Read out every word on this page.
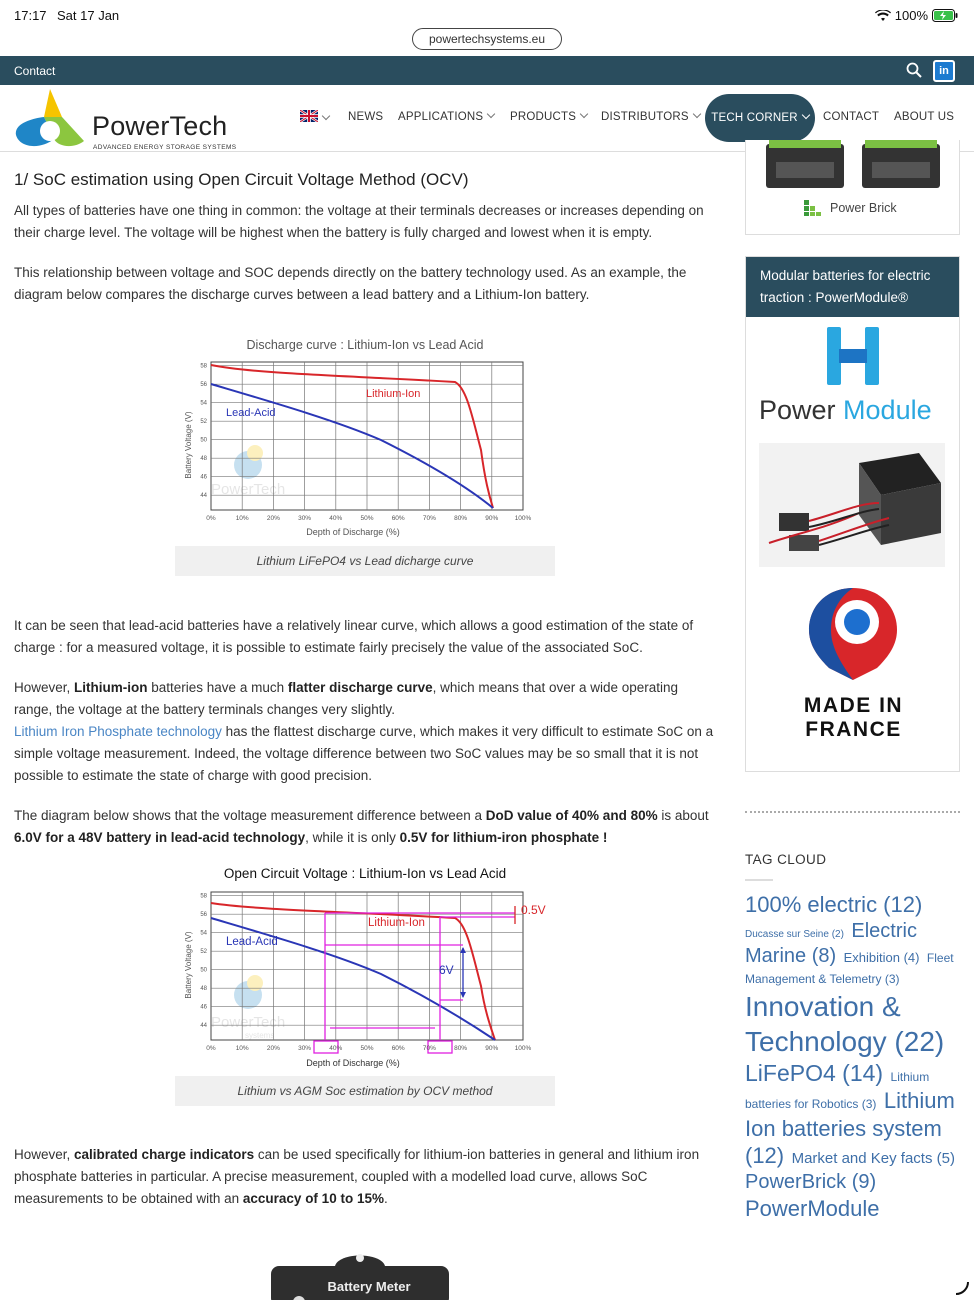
17:17 Sat 17 Jan	100%
powertechsystems.eu
Contact	in
PowerTech
ADVANCED ENERGY STORAGE SYSTEMS
NEWS APPLICATIONS	PRODUCTS	DISTRIBUTORS	TECH CORNER	CONTACT ABOUT US
1/ SoC estimation using Open Circuit Voltage Method (OCV)

All types of batteries have one thing in common: the voltage at their terminals decreases or increases depending on their charge level. The voltage will be highest when the battery is fully charged and lowest when it is empty.

This relationship between voltage and SOC depends directly on the battery technology used. As an example, the diagram below compares the discharge curves between a lead battery and a Lithium-Ion battery.

It can be seen that lead-acid batteries have a relatively linear curve, which allows a good estimation of the state of charge : for a measured voltage, it is possible to estimate fairly precisely the value of the associated SoC.

However, Lithium-ion batteries have a much flatter discharge curve, which means that over a wide operating range, the voltage at the battery terminals changes very slightly.
Lithium Iron Phosphate technology has the flattest discharge curve, which makes it very difficult to estimate SoC on a simple voltage measurement. Indeed, the voltage difference between two SoC values may be so small that it is not possible to estimate the state of charge with good precision.

The diagram below shows that the voltage measurement difference between a DoD value of 40% and 80% is about 6.0V for a 48V battery in lead-acid technology, while it is only 0.5V for lithium-iron phosphate !

However, calibrated charge indicators can be used specifically for lithium-ion batteries in general and lithium iron phosphate batteries in particular. A precise measurement, coupled with a modelled load curve, allows SoC measurements to be obtained with an accuracy of 10 to 15%.

Discharge curve : Lithium-Ion vs Lead Acid
PowerTech
Lead-Acid
Lithium-Ion
Battery Voltage (V)
Depth of Discharge (%)
0%	10%	20%	30%	40%	50%	60%	70%	80%	90%	100%
58
56
54
52
50
48
46
44
Lithium LiFePO4 vs Lead dicharge curve
Open Circuit Voltage : Lithium-Ion vs Lead Acid
PowerTech
systems
0.5V
6V
Lead-Acid
Lithium-Ion
Battery Voltage (V)
Depth of Discharge (%)
0%	10%	20%	30%	40%	50%	60%	70%	80%	90%	100%
58
56
54
52
50
48
46
44
Lithium vs AGM Soc estimation by OCV method
Battery Meter
Power Brick
Modular batteries for electric traction : PowerModule®
Power Module
MADE IN
FRANCE
TAG CLOUD
100% electric (12) Ducasse sur Seine (2) Electric Marine (8) Exhibition (4) Fleet Management & Telemetry (3) Innovation & Technology (22) LiFePO4 (14) Lithium batteries for Robotics (3) Lithium Ion batteries system (12) Market and Key facts (5) PowerBrick (9) PowerModule
